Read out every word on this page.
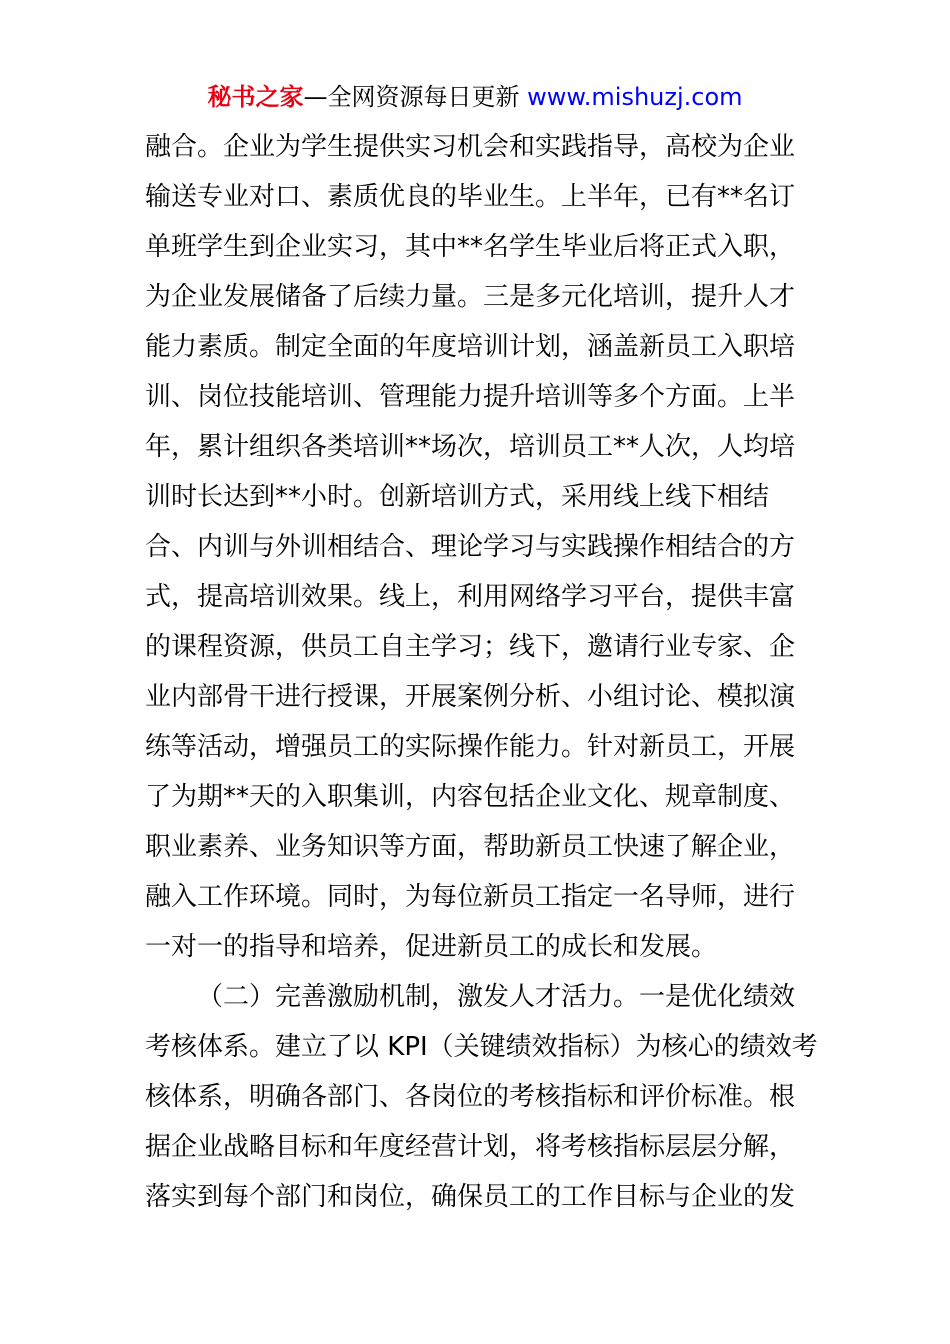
秘书之家—全网资源每日更新 www.mishuzj.com
融合。企业为学生提供实习机会和实践指导，高校为企业
输送专业对口、素质优良的毕业生。上半年，已有**名订
单班学生到企业实习，其中**名学生毕业后将正式入职，
为企业发展储备了后续力量。三是多元化培训，提升人才
能力素质。制定全面的年度培训计划，涵盖新员工入职培
训、岗位技能培训、管理能力提升培训等多个方面。上半
年，累计组织各类培训**场次，培训员工**人次，人均培
训时长达到**小时。创新培训方式，采用线上线下相结
合、内训与外训相结合、理论学习与实践操作相结合的方
式，提高培训效果。线上，利用网络学习平台，提供丰富
的课程资源，供员工自主学习；线下，邀请行业专家、企
业内部骨干进行授课，开展案例分析、小组讨论、模拟演
练等活动，增强员工的实际操作能力。针对新员工，开展
了为期**天的入职集训，内容包括企业文化、规章制度、
职业素养、业务知识等方面，帮助新员工快速了解企业，
融入工作环境。同时，为每位新员工指定一名导师，进行
一对一的指导和培养，促进新员工的成长和发展。
（二）完善激励机制，激发人才活力。一是优化绩效
考核体系。建立了以 KPI（关键绩效指标）为核心的绩效考
核体系，明确各部门、各岗位的考核指标和评价标准。根
据企业战略目标和年度经营计划，将考核指标层层分解，
落实到每个部门和岗位，确保员工的工作目标与企业的发
